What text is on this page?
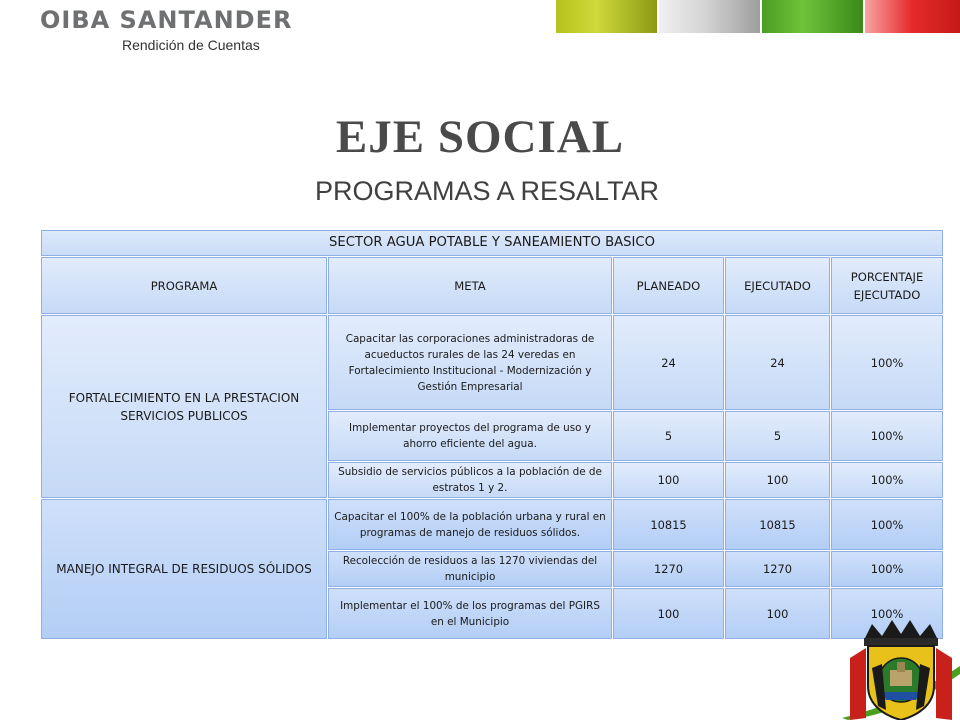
OIBA SANTANDER
Rendición de Cuentas
EJE SOCIAL
PROGRAMAS A RESALTAR
SECTOR AGUA POTABLE Y SANEAMIENTO BASICO				
PROGRAMA	META	PLANEADO	EJECUTADO	PORCENTAJE EJECUTADO
FORTALECIMIENTO EN LA PRESTACION SERVICIOS PUBLICOS	Capacitar las corporaciones administradoras de acueductos rurales de las 24 veredas en Fortalecimiento Institucional - Modernización y Gestión Empresarial	24	24	100%
	Implementar proyectos del programa de uso y ahorro eficiente del agua.	5	5	100%
	Subsidio de servicios públicos a la población de de estratos 1 y 2.	100	100	100%
MANEJO INTEGRAL DE RESIDUOS SÓLIDOS	Capacitar el 100% de la población urbana y rural en programas de manejo de residuos sólidos.	10815	10815	100%
	Recolección de residuos a las 1270 viviendas del municipio	1270	1270	100%
	Implementar el 100% de los programas del PGIRS en el Municipio	100	100	100%
